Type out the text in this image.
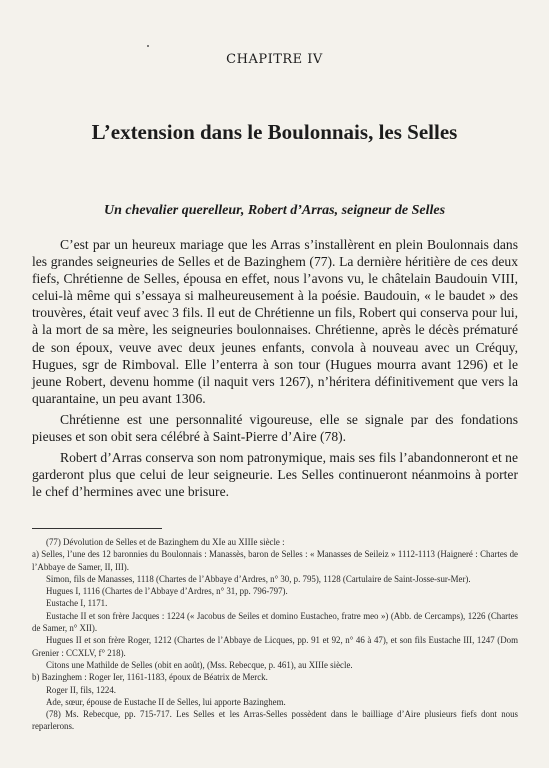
CHAPITRE IV
L’extension dans le Boulonnais, les Selles
Un chevalier querelleur, Robert d’Arras, seigneur de Selles

C’est par un heureux mariage que les Arras s’installèrent en plein Boulonnais dans les grandes seigneuries de Selles et de Bazinghem (77). La dernière héritière de ces deux fiefs, Chrétienne de Selles, épousa en effet, nous l’avons vu, le châtelain Baudouin VIII, celui-là même qui s’essaya si malheureusement à la poésie. Baudouin, « le baudet » des trouvères, était veuf avec 3 fils. Il eut de Chrétienne un fils, Robert qui conserva pour lui, à la mort de sa mère, les seigneuries boulonnaises. Chrétienne, après le décès prématuré de son époux, veuve avec deux jeunes enfants, convola à nouveau avec un Créquy, Hugues, sgr de Rimboval. Elle l’enterra à son tour (Hugues mourra avant 1296) et le jeune Robert, devenu homme (il naquit vers 1267), n’héritera définitivement que vers la quarantaine, un peu avant 1306.

Chrétienne est une personnalité vigoureuse, elle se signale par des fondations pieuses et son obit sera célébré à Saint-Pierre d’Aire (78).

Robert d’Arras conserva son nom patronymique, mais ses fils l’abandonneront et ne garderont plus que celui de leur seigneurie. Les Selles continueront néanmoins à porter le chef d’hermines avec une brisure.

(77) Dévolution de Selles et de Bazinghem du XIe au XIIIe siècle :

a) Selles, l’une des 12 baronnies du Boulonnais : Manassès, baron de Selles : « Manasses de Seileiz » 1112-1113 (Haigneré : Chartes de l’Abbaye de Samer, II, III).

Simon, fils de Manasses, 1118 (Chartes de l’Abbaye d’Ardres, n° 30, p. 795), 1128 (Cartulaire de Saint-Josse-sur-Mer).

Hugues I, 1116 (Chartes de l’Abbaye d’Ardres, n° 31, pp. 796-797).

Eustache I, 1171.

Eustache II et son frère Jacques : 1224 (« Jacobus de Seiles et domino Eustacheo, fratre meo ») (Abb. de Cercamps), 1226 (Chartes de Samer, n° XII).

Hugues II et son frère Roger, 1212 (Chartes de l’Abbaye de Licques, pp. 91 et 92, n° 46 à 47), et son fils Eustache III, 1247 (Dom Grenier : CCXLV, f° 218).

Citons une Mathilde de Selles (obit en août), (Mss. Rebecque, p. 461), au XIIIe siècle.

b) Bazinghem : Roger Ier, 1161-1183, époux de Béatrix de Merck.

Roger II, fils, 1224.

Ade, sœur, épouse de Eustache II de Selles, lui apporte Bazinghem.

(78) Ms. Rebecque, pp. 715-717. Les Selles et les Arras-Selles possèdent dans le bailliage d’Aire plusieurs fiefs dont nous reparlerons.
